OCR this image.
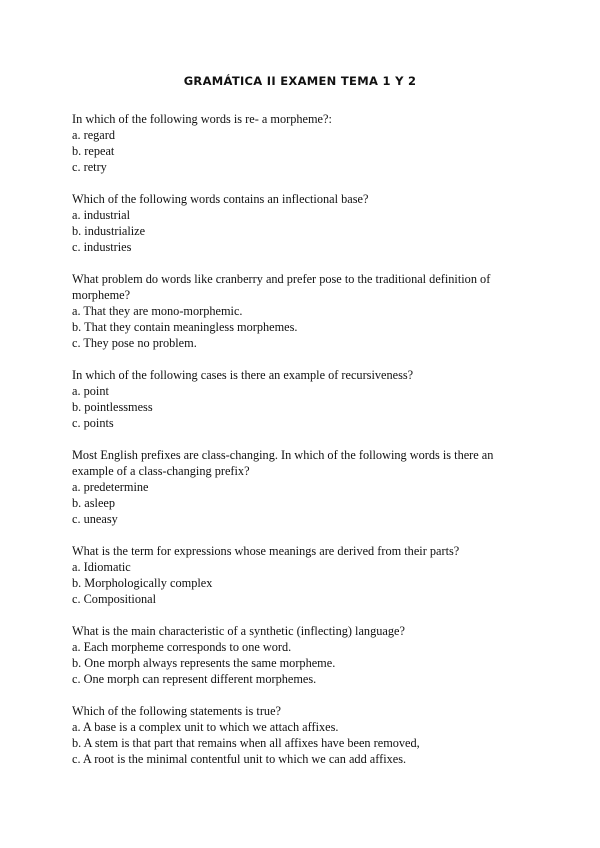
GRAMÁTICA II EXAMEN TEMA 1 Y 2

In which of the following words is re- a morpheme?:

a. regard

b. repeat

c. retry

Which of the following words contains an inflectional base?

a. industrial

b. industrialize

c. industries

What problem do words like cranberry and prefer pose to the traditional definition of morpheme?

a. That they are mono-morphemic.

b. That they contain meaningless morphemes.

c. They pose no problem.

In which of the following cases is there an example of recursiveness?

a. point

b. pointlessmess

c. points

Most English prefixes are class-changing. In which of the following words is there an example of a class-changing prefix?

a. predetermine

b. asleep

c. uneasy

What is the term for expressions whose meanings are derived from their parts?

a. Idiomatic

b. Morphologically complex

c. Compositional

What is the main characteristic of a synthetic (inflecting) language?

a. Each morpheme corresponds to one word.

b. One morph always represents the same morpheme.

c. One morph can represent different morphemes.

Which of the following statements is true?

a. A base is a complex unit to which we attach affixes.

b. A stem is that part that remains when all affixes have been removed,

c. A root is the minimal contentful unit to which we can add affixes.
